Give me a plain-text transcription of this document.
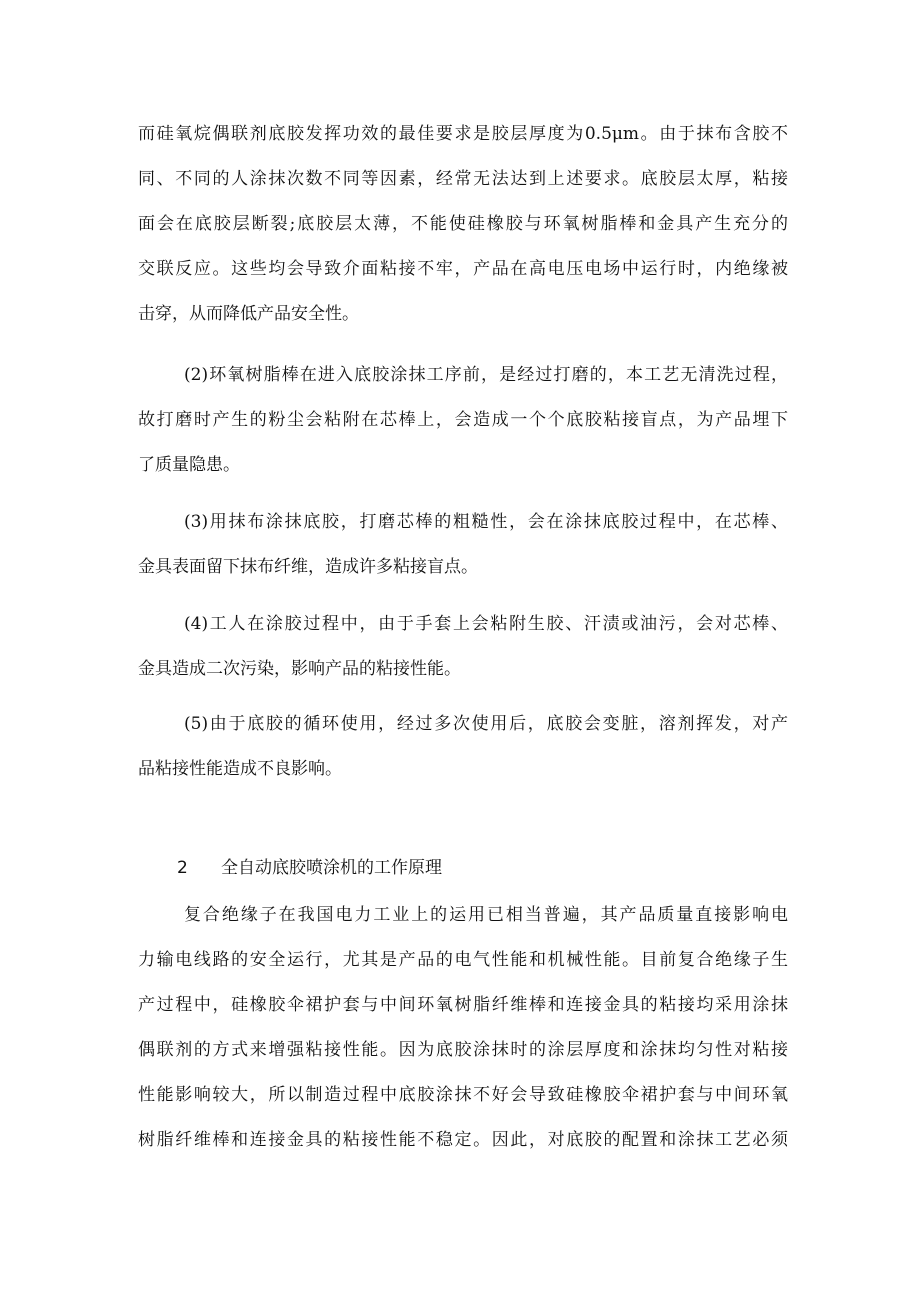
而硅氧烷偶联剂底胶发挥功效的最佳要求是胶层厚度为0.5μm。由于抹布含胶不
同、不同的人涂抹次数不同等因素，经常无法达到上述要求。底胶层太厚，粘接
面会在底胶层断裂;底胶层太薄，不能使硅橡胶与环氧树脂棒和金具产生充分的
交联反应。这些均会导致介面粘接不牢，产品在高电压电场中运行时，内绝缘被
击穿，从而降低产品安全性。
(2)环氧树脂棒在进入底胶涂抹工序前，是经过打磨的，本工艺无清洗过程，
故打磨时产生的粉尘会粘附在芯棒上，会造成一个个底胶粘接盲点，为产品埋下
了质量隐患。
(3)用抹布涂抹底胶，打磨芯棒的粗糙性，会在涂抹底胶过程中，在芯棒、
金具表面留下抹布纤维，造成许多粘接盲点。
(4)工人在涂胶过程中，由于手套上会粘附生胶、汗渍或油污，会对芯棒、
金具造成二次污染，影响产品的粘接性能。
(5)由于底胶的循环使用，经过多次使用后，底胶会变脏，溶剂挥发，对产
品粘接性能造成不良影响。
2 全自动底胶喷涂机的工作原理
复合绝缘子在我国电力工业上的运用已相当普遍，其产品质量直接影响电
力输电线路的安全运行，尤其是产品的电气性能和机械性能。目前复合绝缘子生
产过程中，硅橡胶伞裙护套与中间环氧树脂纤维棒和连接金具的粘接均采用涂抹
偶联剂的方式来增强粘接性能。因为底胶涂抹时的涂层厚度和涂抹均匀性对粘接
性能影响较大，所以制造过程中底胶涂抹不好会导致硅橡胶伞裙护套与中间环氧
树脂纤维棒和连接金具的粘接性能不稳定。因此，对底胶的配置和涂抹工艺必须
